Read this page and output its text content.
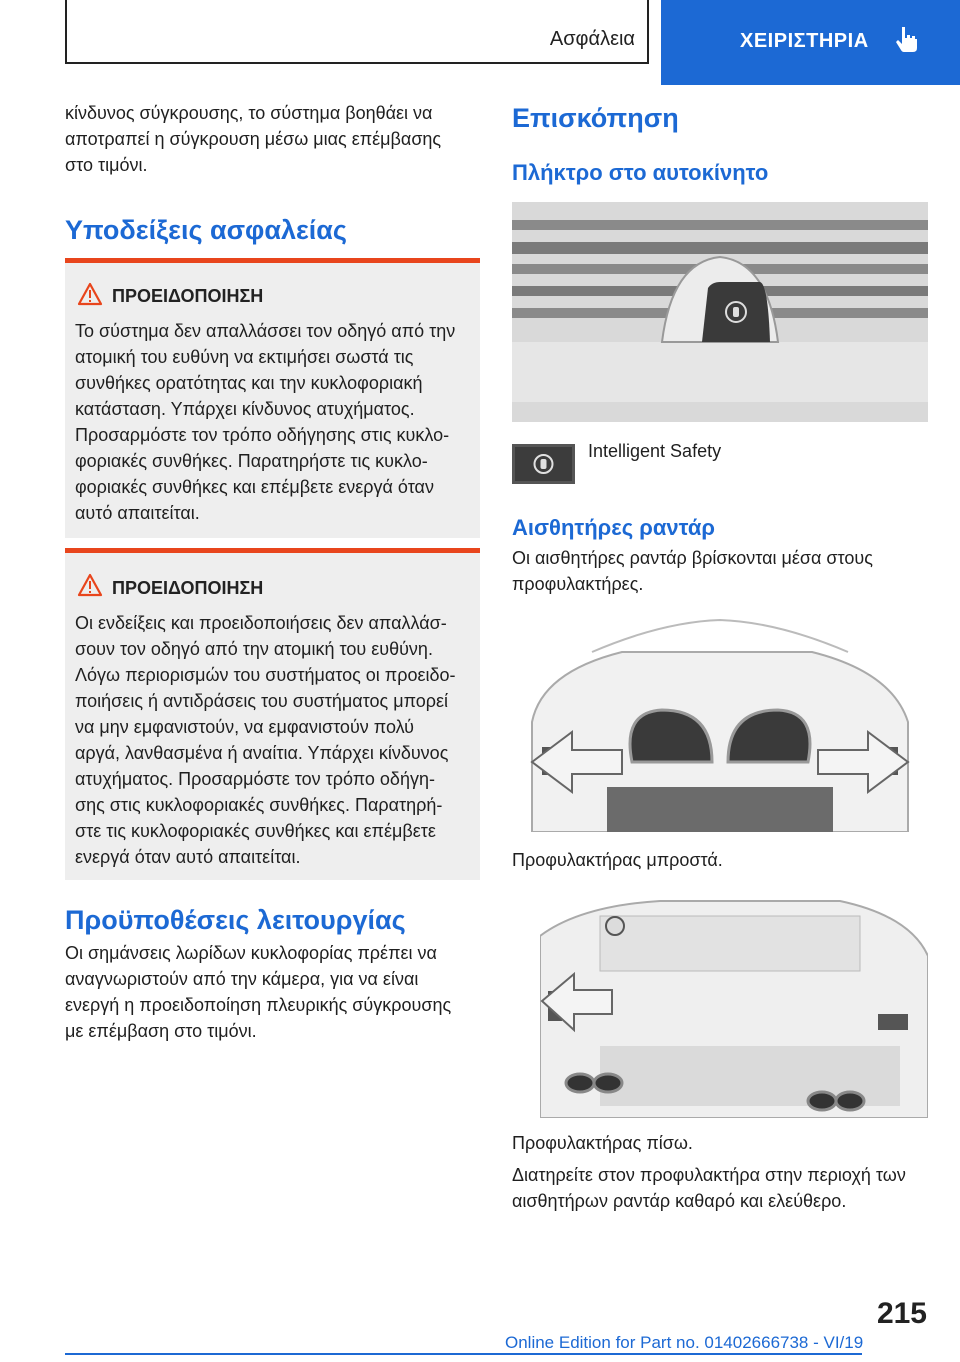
Ασφάλεια	ΧΕΙΡΙΣΤΗΡΙΑ
κίνδυνος σύγκρουσης, το σύστημα βοηθάει να
αποτραπεί η σύγκρουση μέσω μιας επέμβασης
στο τιμόνι.
Υποδείξεις ασφαλείας
ΠΡΟΕΙΔΟΠΟΙΗΣΗ
Το σύστημα δεν απαλλάσσει τον οδηγό από την
ατομική του ευθύνη να εκτιμήσει σωστά τις
συνθήκες ορατότητας και την κυκλοφοριακή
κατάσταση. Υπάρχει κίνδυνος ατυχήματος.
Προσαρμόστε τον τρόπο οδήγησης στις κυκλο-
φοριακές συνθήκες. Παρατηρήστε τις κυκλο-
φοριακές συνθήκες και επέμβετε ενεργά όταν
αυτό απαιτείται.
ΠΡΟΕΙΔΟΠΟΙΗΣΗ
Οι ενδείξεις και προειδοποιήσεις δεν απαλλάσ-
σουν τον οδηγό από την ατομική του ευθύνη.
Λόγω περιορισμών του συστήματος οι προειδο-
ποιήσεις ή αντιδράσεις του συστήματος μπορεί
να μην εμφανιστούν, να εμφανιστούν πολύ
αργά, λανθασμένα ή αναίτια. Υπάρχει κίνδυνος
ατυχήματος. Προσαρμόστε τον τρόπο οδήγη-
σης στις κυκλοφοριακές συνθήκες. Παρατηρή-
στε τις κυκλοφοριακές συνθήκες και επέμβετε
ενεργά όταν αυτό απαιτείται.
Προϋποθέσεις λειτουργίας
Οι σημάνσεις λωρίδων κυκλοφορίας πρέπει να
αναγνωριστούν από την κάμερα, για να είναι
ενεργή η προειδοποίηση πλευρικής σύγκρουσης
με επέμβαση στο τιμόνι.
Επισκόπηση
Πλήκτρο στο αυτοκίνητο
Intelligent Safety
Αισθητήρες ραντάρ
Οι αισθητήρες ραντάρ βρίσκονται μέσα στους
προφυλακτήρες.
Προφυλακτήρας μπροστά.
Προφυλακτήρας πίσω.
Διατηρείτε στον προφυλακτήρα στην περιοχή των
αισθητήρων ραντάρ καθαρό και ελεύθερο.
215
Online Edition for Part no. 01402666738 - VI/19
